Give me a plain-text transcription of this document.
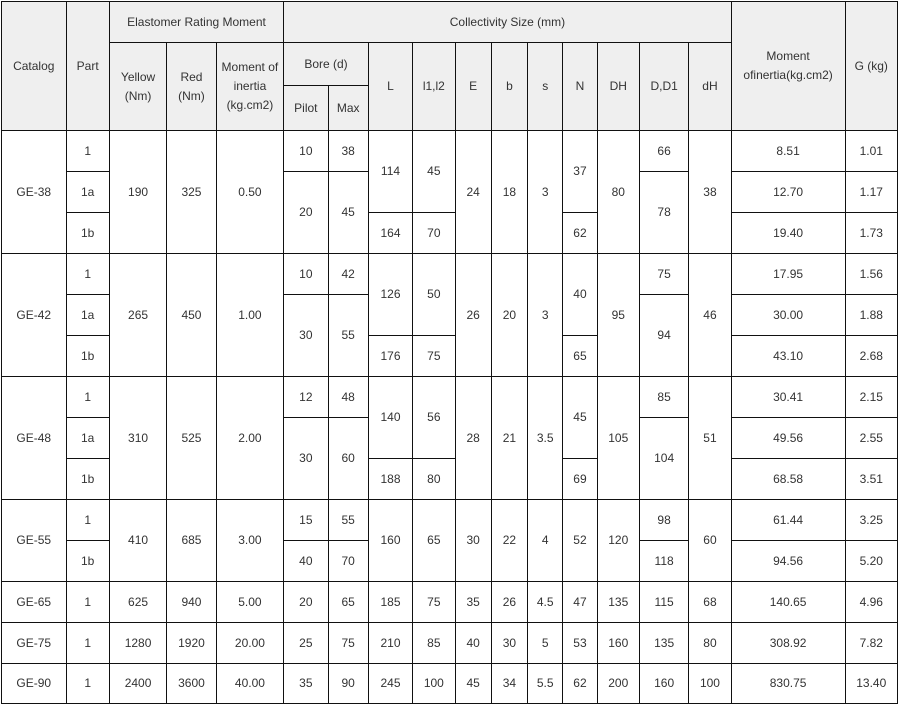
Catalog	Part	Elastomer Rating Moment			Collectivity Size (mm)											Moment ofinertia(kg.cm2)	G (kg)
		Yellow (Nm)	Red (Nm)	Moment of inertia (kg.cm2)	Bore (d)		L	l1,l2	E	b	s	N	DH	D,D1	dH		
					Pilot	Max											
GE-38	1	190	325	0.50	10	38	114	45	24	18	3	37	80	66	38	8.51	1.01
	1a				20	45								78		12.70	1.17
	1b						164	70				62				19.40	1.73
GE-42	1	265	450	1.00	10	42	126	50	26	20	3	40	95	75	46	17.95	1.56
	1a				30	55								94		30.00	1.88
	1b						176	75				65				43.10	2.68
GE-48	1	310	525	2.00	12	48	140	56	28	21	3.5	45	105	85	51	30.41	2.15
	1a				30	60								104		49.56	2.55
	1b						188	80				69				68.58	3.51
GE-55	1	410	685	3.00	15	55	160	65	30	22	4	52	120	98	60	61.44	3.25
	1b				40	70								118		94.56	5.20
GE-65	1	625	940	5.00	20	65	185	75	35	26	4.5	47	135	115	68	140.65	4.96
GE-75	1	1280	1920	20.00	25	75	210	85	40	30	5	53	160	135	80	308.92	7.82
GE-90	1	2400	3600	40.00	35	90	245	100	45	34	5.5	62	200	160	100	830.75	13.40
